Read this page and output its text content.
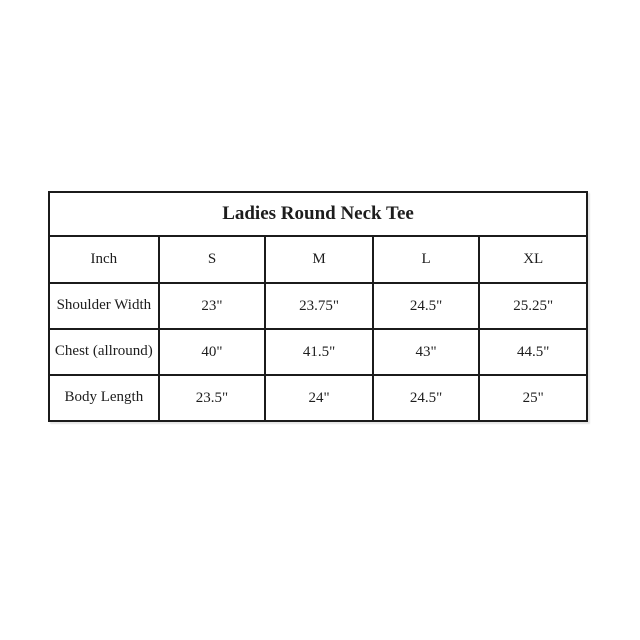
Ladies Round Neck Tee				
Inch	S	M	L	XL
Shoulder Width	23"	23.75"	24.5"	25.25"
Chest (allround)	40"	41.5"	43"	44.5"
Body Length	23.5"	24"	24.5"	25"
